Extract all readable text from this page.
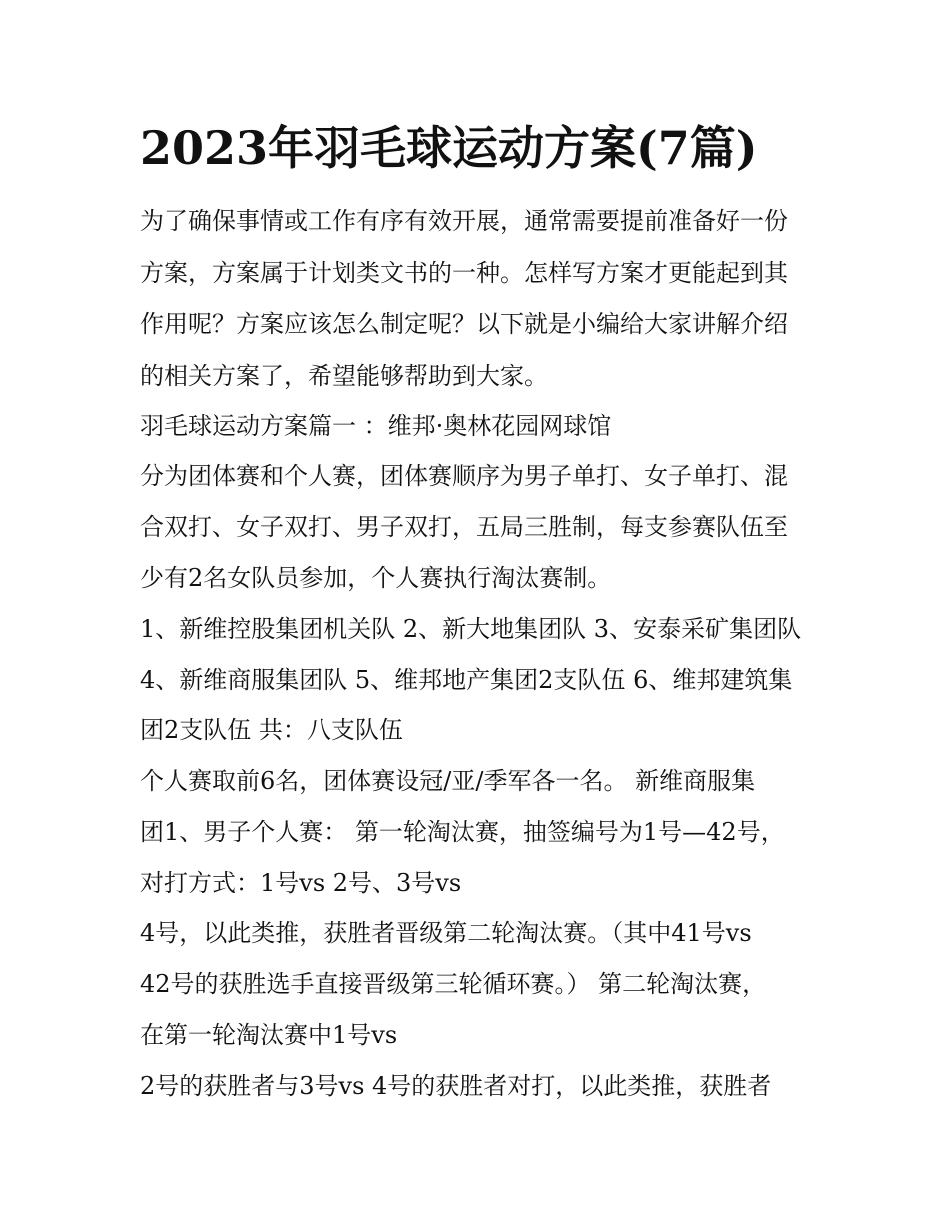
2023年羽毛球运动方案(7篇)

为了确保事情或工作有序有效开展，通常需要提前准备好一份

方案，方案属于计划类文书的一种。怎样写方案才更能起到其

作用呢？方案应该怎么制定呢？以下就是小编给大家讲解介绍

的相关方案了，希望能够帮助到大家。

羽毛球运动方案篇一 ：维邦·奥林花园网球馆

分为团体赛和个人赛，团体赛顺序为男子单打、女子单打、混

合双打、女子双打、男子双打，五局三胜制，每支参赛队伍至

少有2名女队员参加，个人赛执行淘汰赛制。

1、新维控股集团机关队 2、新大地集团队 3、安泰采矿集团队

4、新维商服集团队 5、维邦地产集团2支队伍 6、维邦建筑集

团2支队伍 共：八支队伍

个人赛取前6名，团体赛设冠/亚/季军各一名。 新维商服集

团1、男子个人赛： 第一轮淘汰赛，抽签编号为1号—42号，

对打方式：1号vs 2号、3号vs

4号，以此类推，获胜者晋级第二轮淘汰赛。（其中41号vs

42号的获胜选手直接晋级第三轮循环赛。） 第二轮淘汰赛，

在第一轮淘汰赛中1号vs

2号的获胜者与3号vs 4号的获胜者对打，以此类推，获胜者
